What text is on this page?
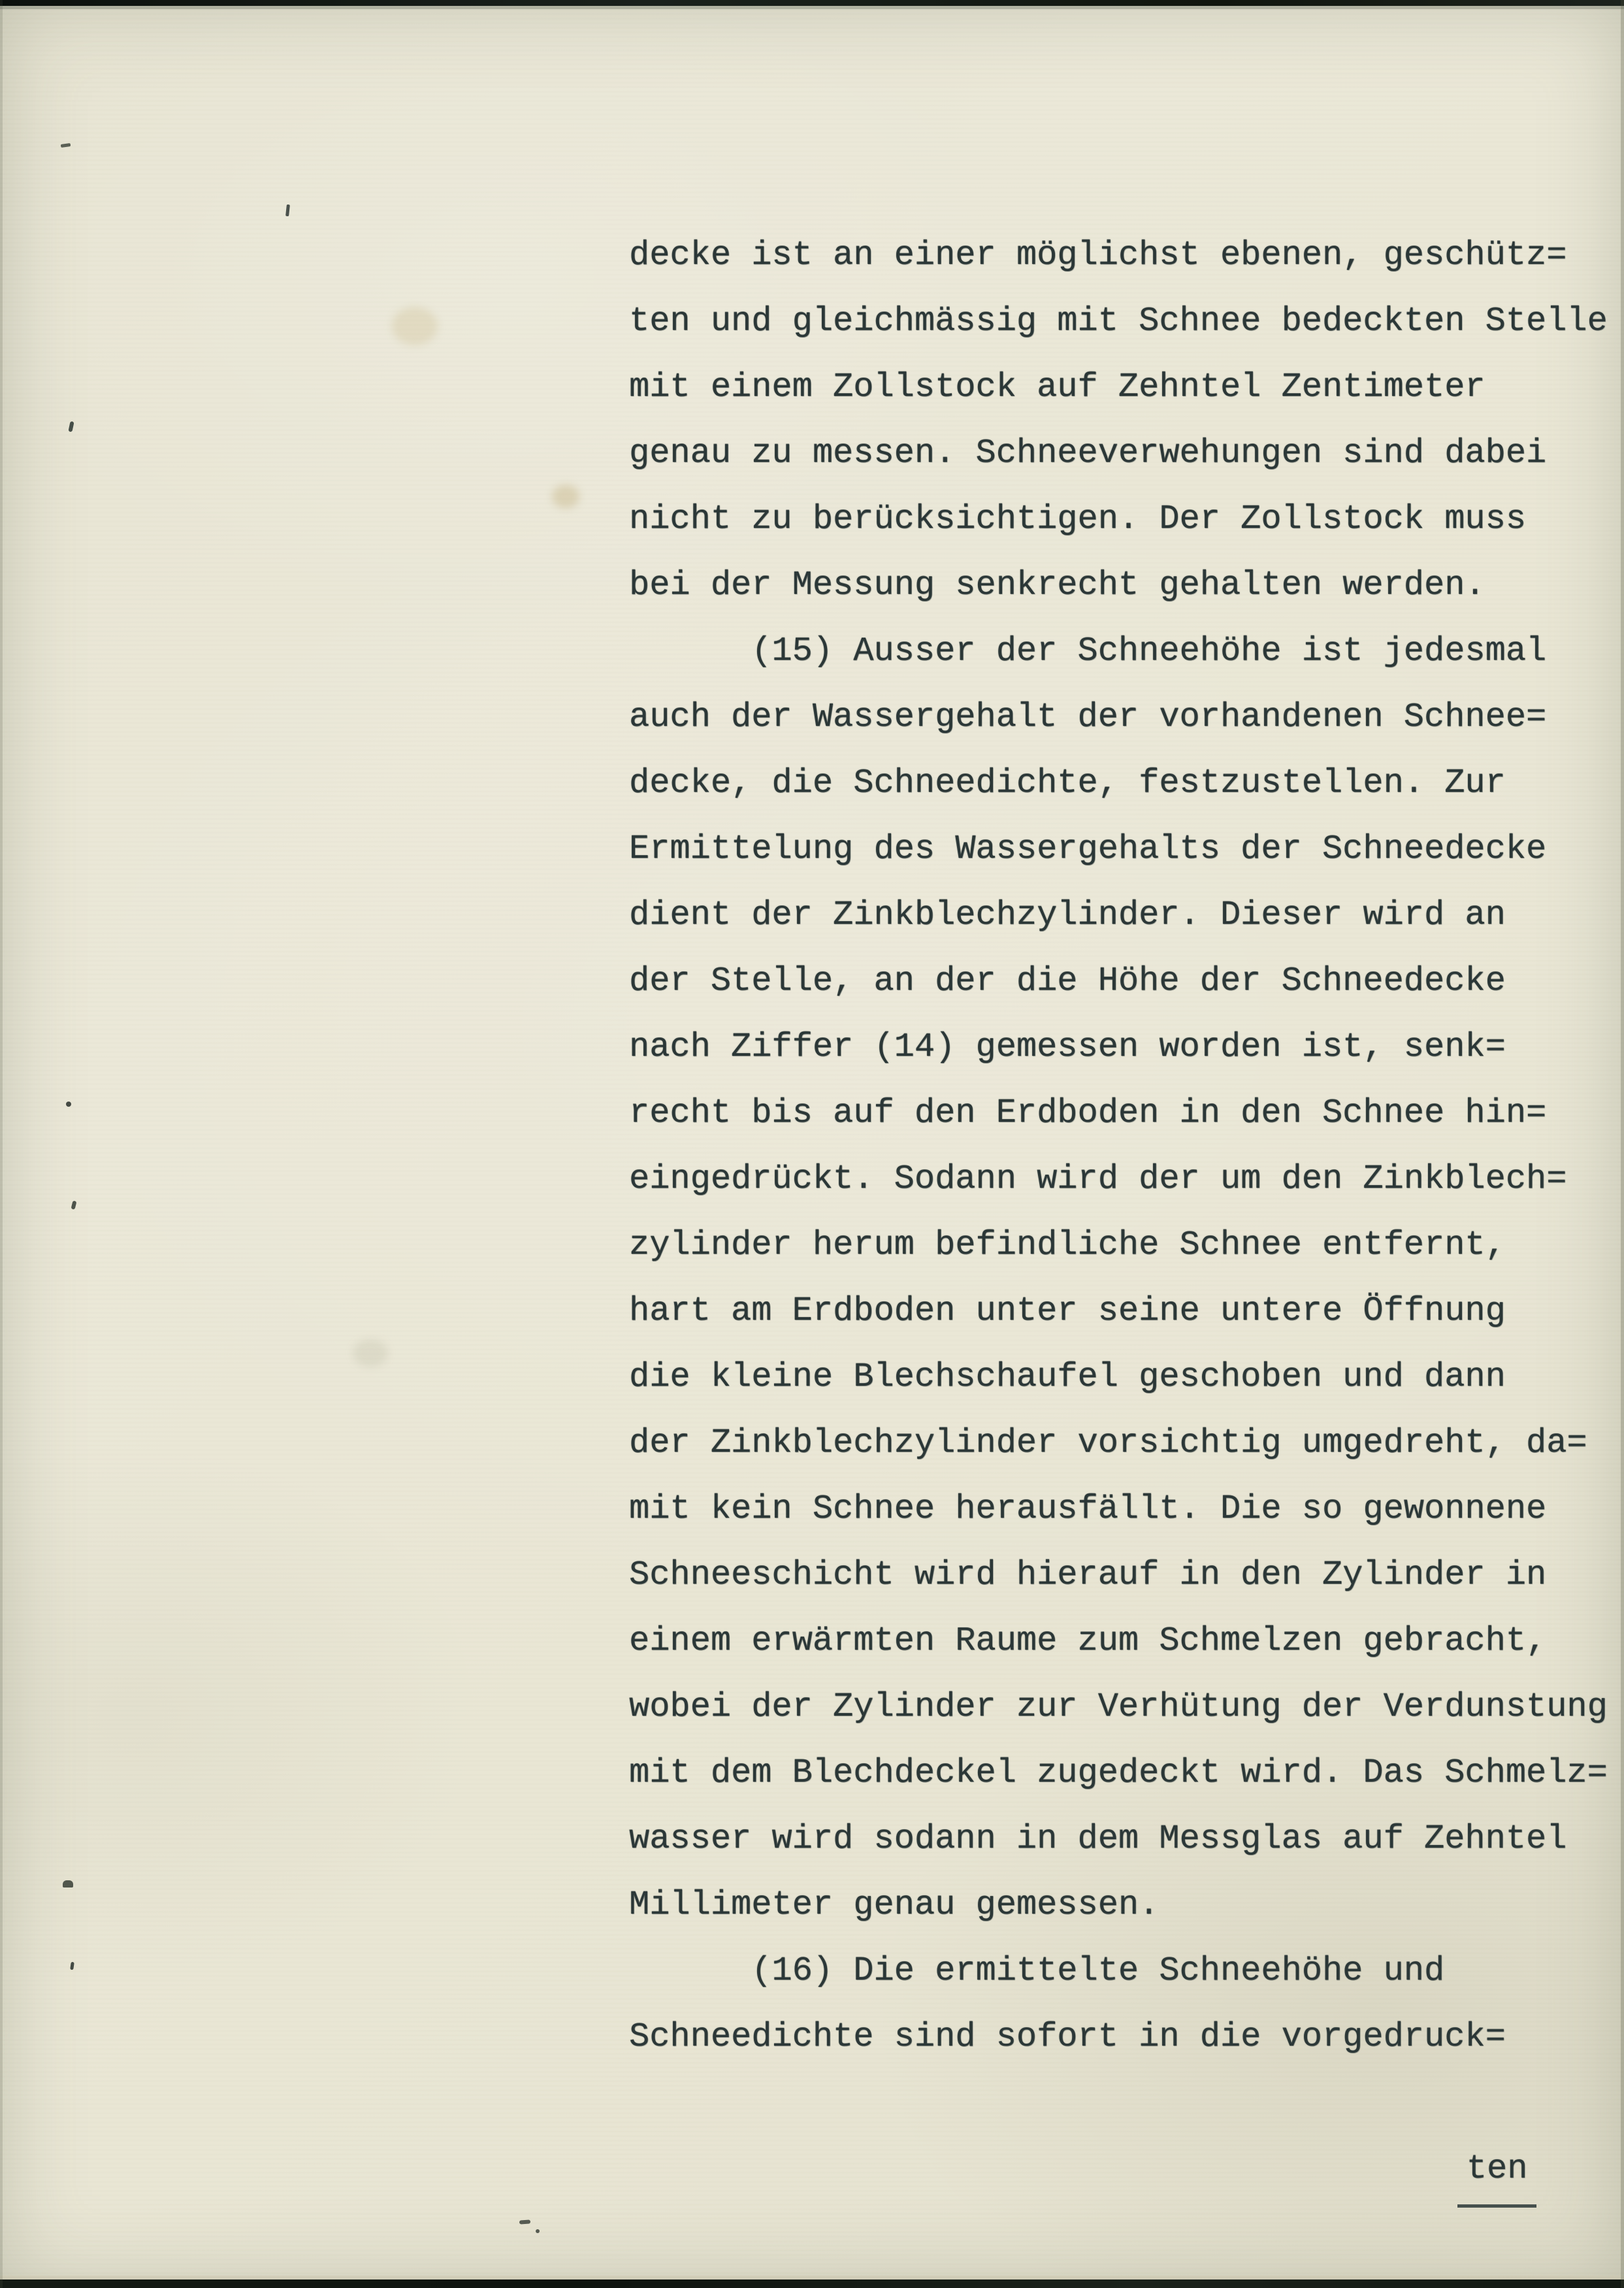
decke ist an einer möglichst ebenen, geschütz=
ten und gleichmässig mit Schnee bedeckten Stelle
mit einem Zollstock auf Zehntel Zentimeter
genau zu messen. Schneeverwehungen sind dabei
nicht zu berücksichtigen. Der Zollstock muss
bei der Messung senkrecht gehalten werden.
(15) Ausser der Schneehöhe ist jedesmal
auch der Wassergehalt der vorhandenen Schnee=
decke, die Schneedichte, festzustellen. Zur
Ermittelung des Wassergehalts der Schneedecke
dient der Zinkblechzylinder. Dieser wird an
der Stelle, an der die Höhe der Schneedecke
nach Ziffer (14) gemessen worden ist, senk=
recht bis auf den Erdboden in den Schnee hin=
eingedrückt. Sodann wird der um den Zinkblech=
zylinder herum befindliche Schnee entfernt,
hart am Erdboden unter seine untere Öffnung
die kleine Blechschaufel geschoben und dann
der Zinkblechzylinder vorsichtig umgedreht, da=
mit kein Schnee herausfällt. Die so gewonnene
Schneeschicht wird hierauf in den Zylinder in
einem erwärmten Raume zum Schmelzen gebracht,
wobei der Zylinder zur Verhütung der Verdunstung
mit dem Blechdeckel zugedeckt wird. Das Schmelz=
wasser wird sodann in dem Messglas auf Zehntel
Millimeter genau gemessen.
(16) Die ermittelte Schneehöhe und
Schneedichte sind sofort in die vorgedruck=

ten
